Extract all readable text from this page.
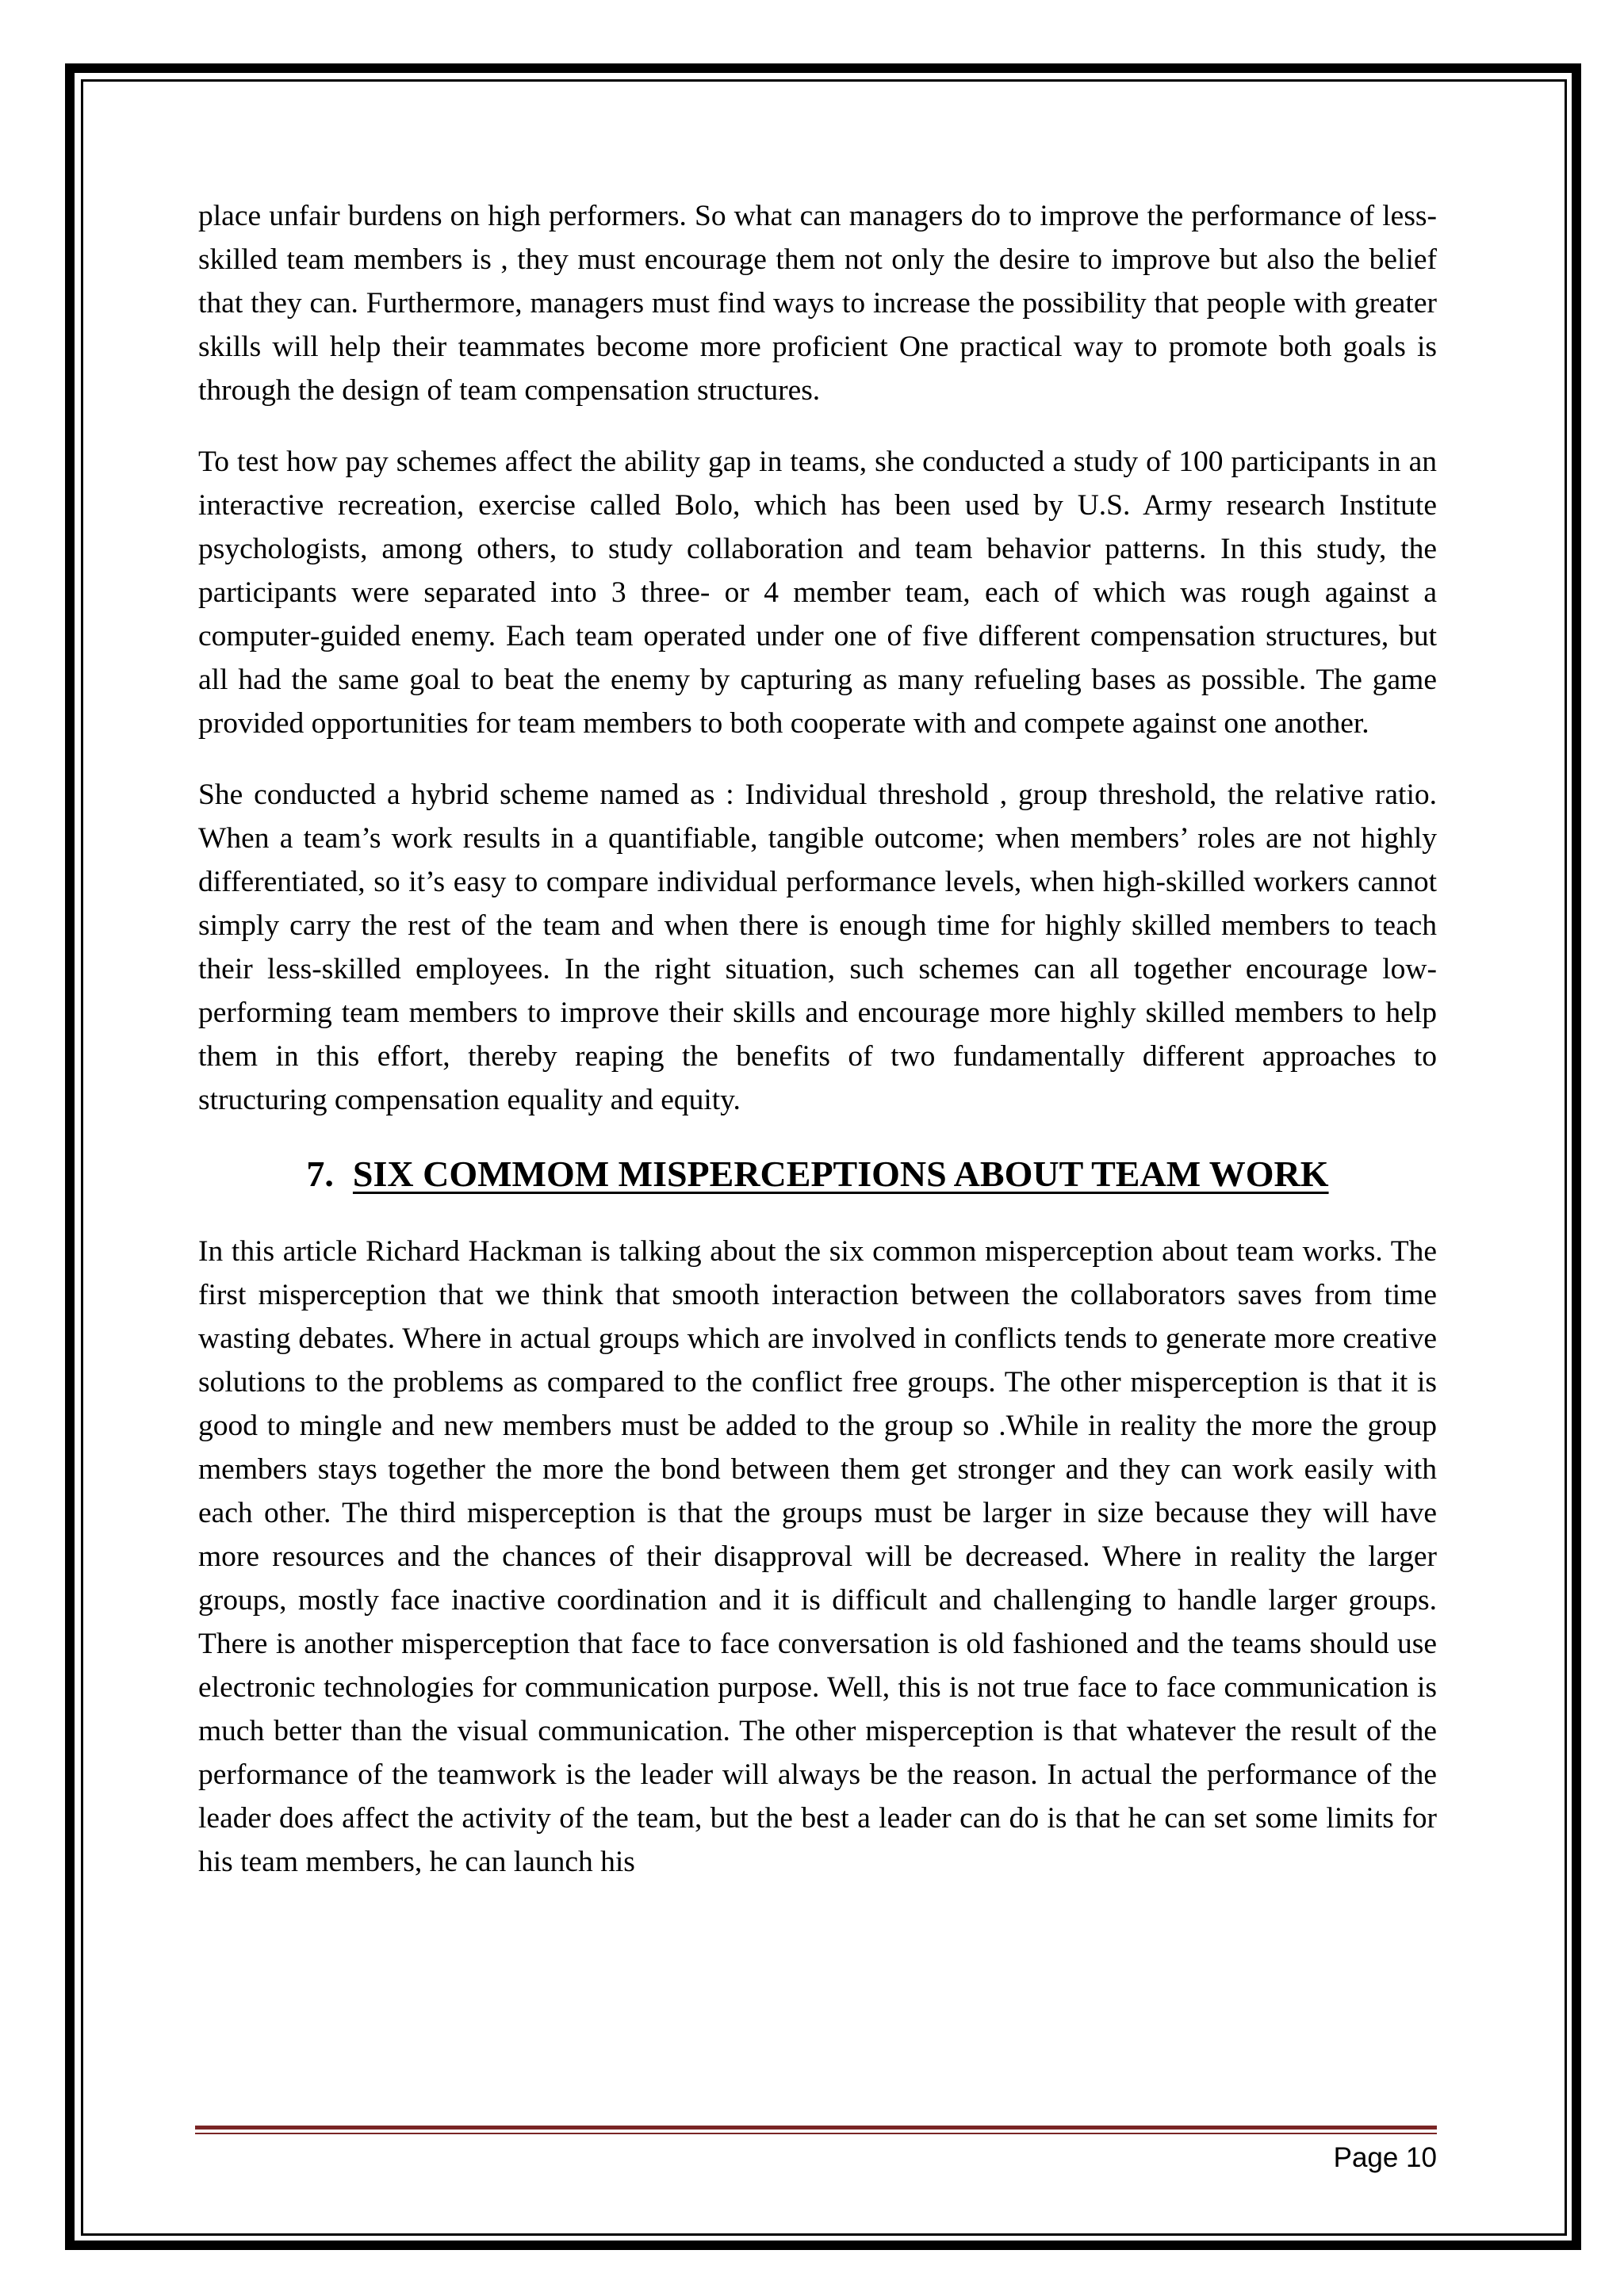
place unfair burdens on high performers. So what can managers do to improve the performance of less-skilled team members is , they must encourage them not only the desire to improve but also the belief that they can. Furthermore, managers must find ways to increase the possibility that people with greater skills will help their teammates become more proficient One practical way to promote both goals is through the design of team compensation structures.

To test how pay schemes affect the ability gap in teams, she conducted a study of 100 participants in an interactive recreation, exercise called Bolo, which has been used by U.S. Army research Institute psychologists, among others, to study collaboration and team behavior patterns. In this study, the participants were separated into 3 three- or 4 member team, each of which was rough against a computer-guided enemy. Each team operated under one of five different compensation structures, but all had the same goal to beat the enemy by capturing as many refueling bases as possible. The game provided opportunities for team members to both cooperate with and compete against one another.

She conducted a hybrid scheme named as : Individual threshold , group threshold, the relative ratio. When a team’s work results in a quantifiable, tangible outcome; when members’ roles are not highly differentiated, so it’s easy to compare individual performance levels, when high-skilled workers cannot simply carry the rest of the team and when there is enough time for highly skilled members to teach their less-skilled employees. In the right situation, such schemes can all together encourage low-performing team members to improve their skills and encourage more highly skilled members to help them in this effort, thereby reaping the benefits of two fundamentally different approaches to structuring compensation equality and equity.

7. SIX COMMOM MISPERCEPTIONS ABOUT TEAM WORK

In this article Richard Hackman is talking about the six common misperception about team works. The first misperception that we think that smooth interaction between the collaborators saves from time wasting debates. Where in actual groups which are involved in conflicts tends to generate more creative solutions to the problems as compared to the conflict free groups. The other misperception is that it is good to mingle and new members must be added to the group so .While in reality the more the group members stays together the more the bond between them get stronger and they can work easily with each other. The third misperception is that the groups must be larger in size because they will have more resources and the chances of their disapproval will be decreased. Where in reality the larger groups, mostly face inactive coordination and it is difficult and challenging to handle larger groups. There is another misperception that face to face conversation is old fashioned and the teams should use electronic technologies for communication purpose. Well, this is not true face to face communication is much better than the visual communication. The other misperception is that whatever the result of the performance of the teamwork is the leader will always be the reason. In actual the performance of the leader does affect the activity of the team, but the best a leader can do is that he can set some limits for his team members, he can launch his

Page 10
